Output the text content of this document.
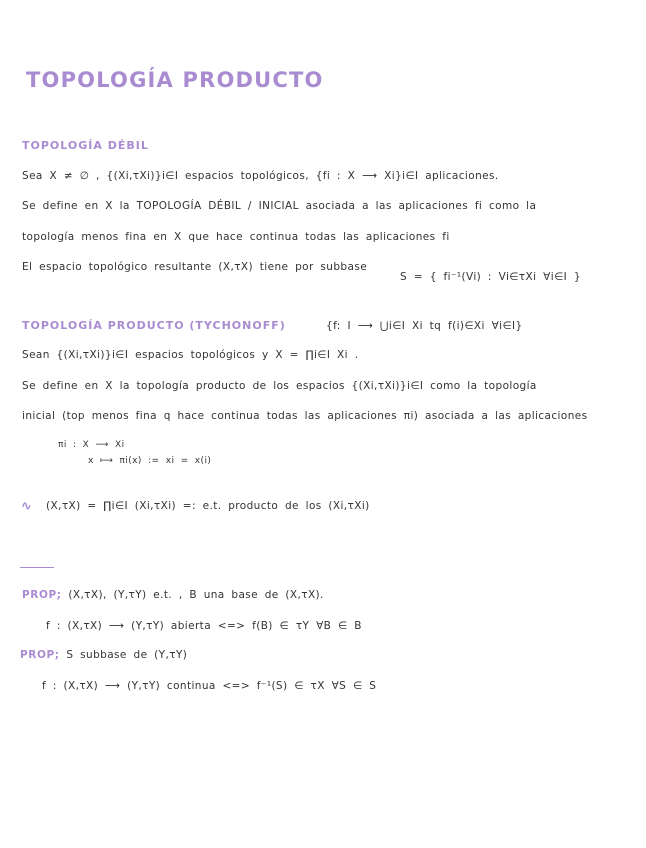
TOPOLOGÍA PRODUCTO
TOPOLOGÍA DÉBIL
Sea X ≠ ∅ , {(Xi,τXi)}i∈I espacios topológicos, {fi : X ⟶ Xi}i∈I aplicaciones.
Se define en X la TOPOLOGÍA DÉBIL / INICIAL asociada a las aplicaciones fi como la
topología menos fina en X que hace continua todas las aplicaciones fi
El espacio topológico resultante (X,τX) tiene por subbase
S = { fi⁻¹(Vi) : Vi∈τXi ∀i∈I }
TOPOLOGÍA PRODUCTO (TYCHONOFF)	{f: I ⟶ ⋃i∈I Xi tq f(i)∈Xi ∀i∈I}
Sean {(Xi,τXi)}i∈I espacios topológicos y X = ∏i∈I Xi .
Se define en X la topología producto de los espacios {(Xi,τXi)}i∈I como la topología
inicial (top menos fina q hace continua todas las aplicaciones πi) asociada a las aplicaciones
πi : X ⟶ Xi
x ⟼ πi(x) := xi = x(i)
∿ (X,τX) = ∏i∈I (Xi,τXi) =: e.t. producto de los (Xi,τXi)
PROP; (X,τX), (Y,τY) e.t. , B una base de (X,τX).
f : (X,τX) ⟶ (Y,τY) abierta <=> f(B) ∈ τY ∀B ∈ B
PROP; S subbase de (Y,τY)
f : (X,τX) ⟶ (Y,τY) continua <=> f⁻¹(S) ∈ τX ∀S ∈ S
